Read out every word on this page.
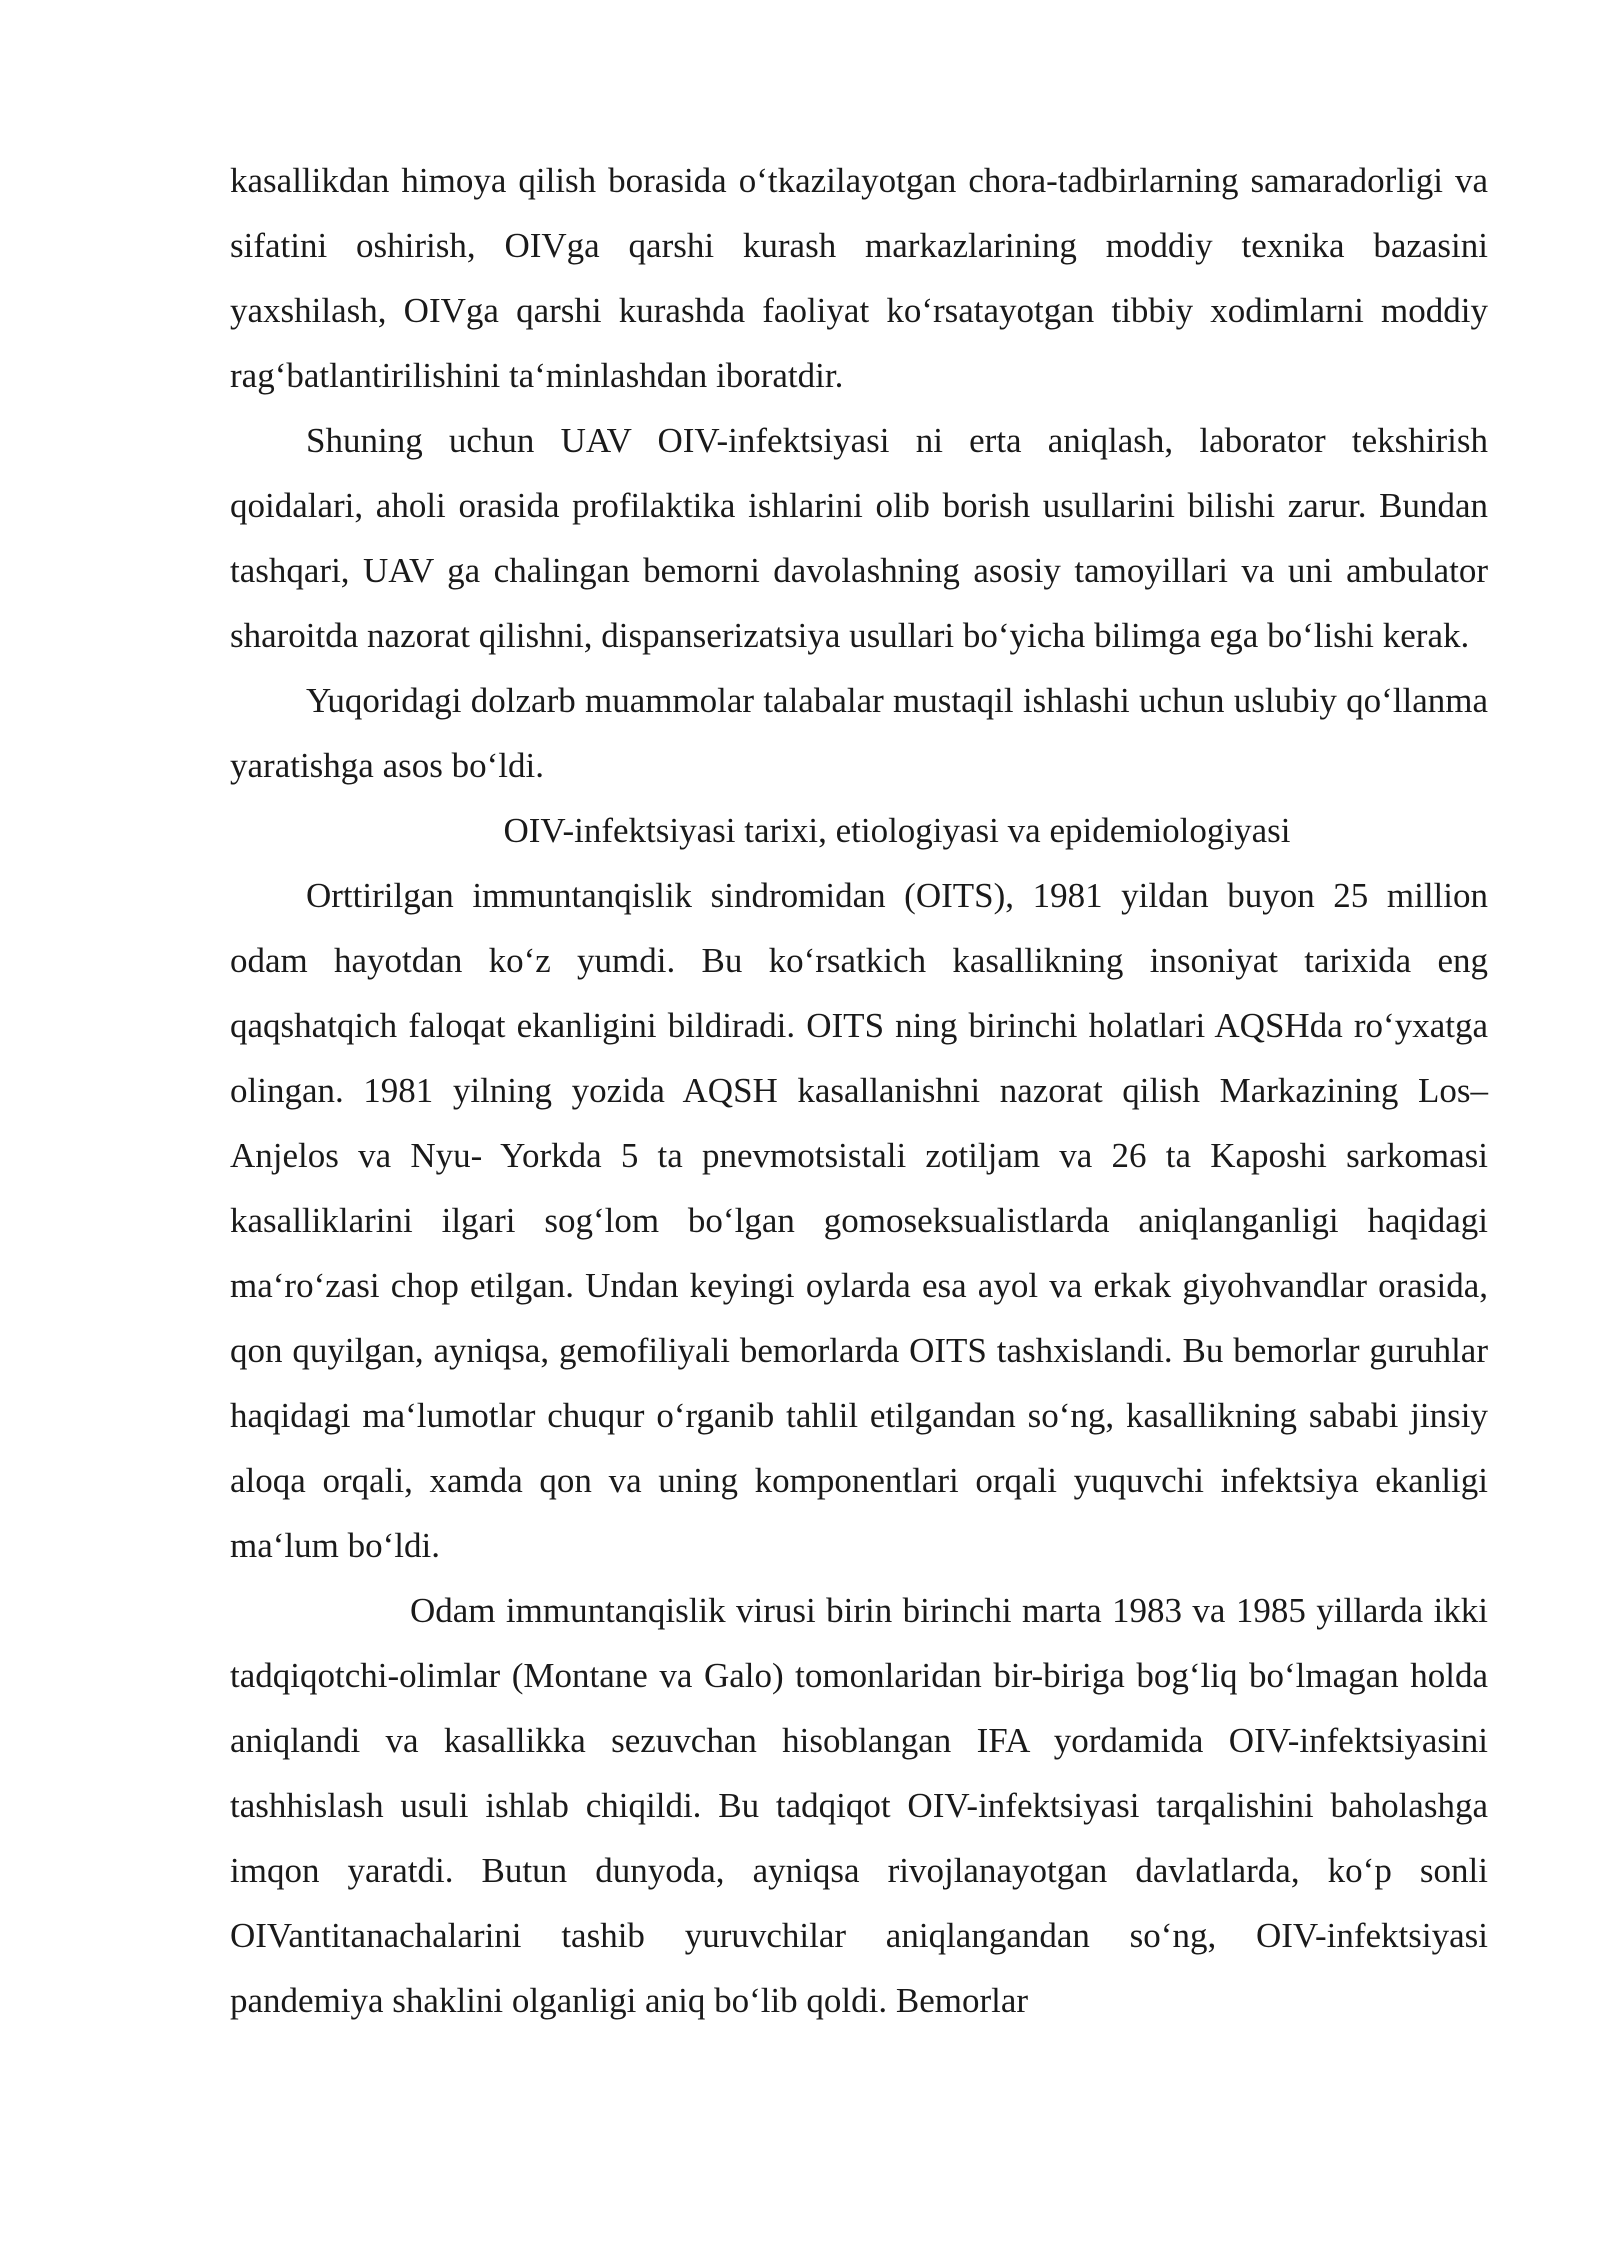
kasallikdan himoya qilish borasida o‘tkazilayotgan chora-tadbirlarning samaradorligi va sifatini oshirish, OIVga qarshi kurash markazlarining moddiy texnika bazasini yaxshilash, OIVga qarshi kurashda faoliyat ko‘rsatayotgan tibbiy xodimlarni moddiy rag‘batlantirilishini ta‘minlashdan iboratdir.

Shuning uchun UAV OIV-infektsiyasi ni erta aniqlash, laborator tekshirish qoidalari, aholi orasida profilaktika ishlarini olib borish usullarini bilishi zarur. Bundan tashqari, UAV ga chalingan bemorni davolashning asosiy tamoyillari va uni ambulator sharoitda nazorat qilishni, dispanserizatsiya usullari bo‘yicha bilimga ega bo‘lishi kerak.

Yuqoridagi dolzarb muammolar talabalar mustaqil ishlashi uchun uslubiy qo‘llanma yaratishga asos bo‘ldi.

OIV-infektsiyasi tarixi, etiologiyasi va epidemiologiyasi

Orttirilgan immuntanqislik sindromidan (OITS), 1981 yildan buyon 25 million odam hayotdan ko‘z yumdi. Bu ko‘rsatkich kasallikning insoniyat tarixida eng qaqshatqich faloqat ekanligini bildiradi. OITS ning birinchi holatlari AQSHda ro‘yxatga olingan. 1981 yilning yozida AQSH kasallanishni nazorat qilish Markazining Los–Anjelos va Nyu- Yorkda 5 ta pnevmotsistali zotiljam va 26 ta Kaposhi sarkomasi kasalliklarini ilgari sog‘lom bo‘lgan gomoseksualistlarda aniqlanganligi haqidagi ma‘ro‘zasi chop etilgan. Undan keyingi oylarda esa ayol va erkak giyohvandlar orasida, qon quyilgan, ayniqsa, gemofiliyali bemorlarda OITS tashxislandi. Bu bemorlar guruhlar haqidagi ma‘lumotlar chuqur o‘rganib tahlil etilgandan so‘ng, kasallikning sababi jinsiy aloqa orqali, xamda qon va uning komponentlari orqali yuquvchi infektsiya ekanligi ma‘lum bo‘ldi.

Odam immuntanqislik virusi birin birinchi marta 1983 va 1985 yillarda ikki tadqiqotchi-olimlar (Montane va Galo) tomonlaridan bir-biriga bog‘liq bo‘lmagan holda aniqlandi va kasallikka sezuvchan hisoblangan IFA yordamida OIV-infektsiyasini tashhislash usuli ishlab chiqildi. Bu tadqiqot OIV-infektsiyasi tarqalishini baholashga imqon yaratdi. Butun dunyoda, ayniqsa rivojlanayotgan davlatlarda, ko‘p sonli OIVantitanachalarini tashib yuruvchilar aniqlangandan so‘ng, OIV-infektsiyasi pandemiya shaklini olganligi aniq bo‘lib qoldi. Bemorlar
